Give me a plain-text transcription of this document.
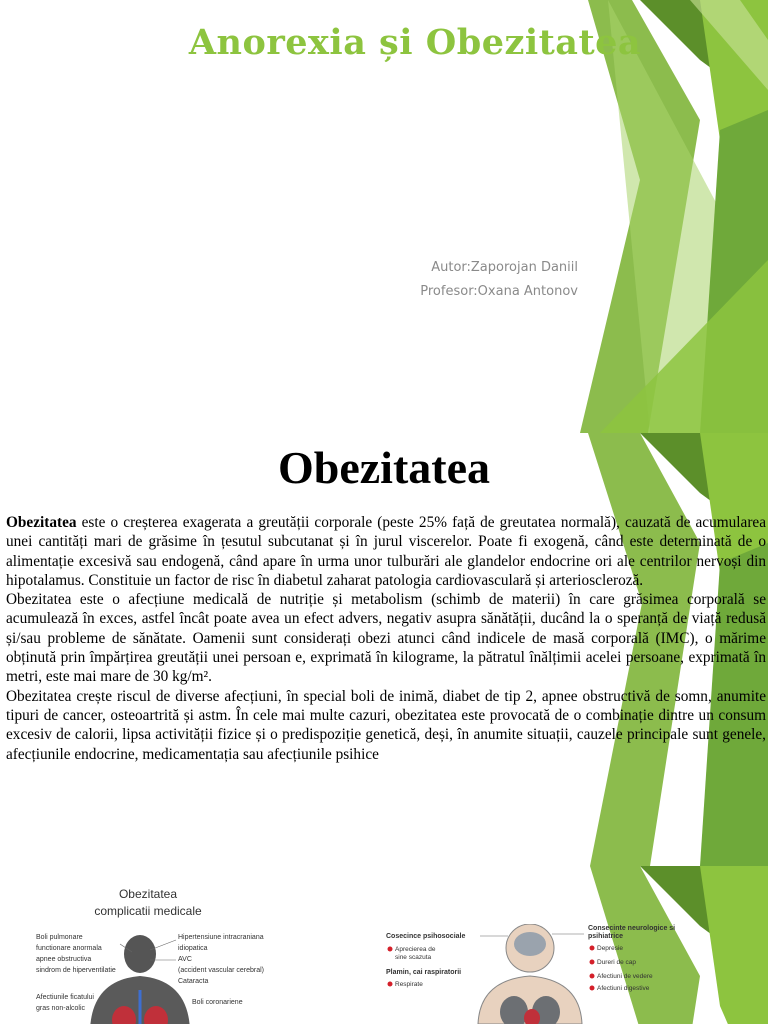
Anorexia și Obezitatea
Autor:Zaporojan Daniil
Profesor:Oxana Antonov
Obezitatea

Obezitatea este o creșterea exagerata a greutății corporale (peste 25% față de greutatea normală), cauzată de acumularea unei cantități mari de grăsime în țesutul subcutanat și în jurul viscerelor. Poate fi exogenă, când este determinată de o alimentație excesivă sau endogenă, când apare în urma unor tulburări ale glandelor endocrine ori ale centrilor nervoși din hipotalamus. Constituie un factor de risc în diabetul zaharat patologia cardiovasculară și arterioscleroză.

Obezitatea este o afecțiune medicală de nutriție și metabolism (schimb de materii) în care grăsimea corporală se acumulează în exces, astfel încât poate avea un efect advers, negativ asupra sănătății, ducând la o speranță de viață redusă și/sau probleme de sănătate. Oamenii sunt considerați obezi atunci când indicele de masă corporală (IMC), o mărime obținută prin împărțirea greutății unei persoan e, exprimată în kilograme, la pătratul înălțimii acelei persoane, exprimată în metri, este mai mare de 30 kg/m².

Obezitatea crește riscul de diverse afecțiuni, în special boli de inimă, diabet de tip 2, apnee obstructivă de somn, anumite tipuri de cancer, osteoartrită și astm. În cele mai multe cazuri, obezitatea este provocată de o combinație dintre un consum excesiv de calorii, lipsa activității fizice și o predispoziție genetică, deși, în anumite situații, cauzele principale sunt genele, afecțiunile endocrine, medicamentația sau afecțiunile psihice

Obezitatea
complicatii medicale
Boli pulmonare
functionare anormala
apnee obstructiva
sindrom de hiperventilatie
Afectiunile ficatului
gras non-alcolic
Hipertensiune intracraniana
idiopatica
AVC
(accident vascular cerebral)
Cataracta
Boli coronariene
Cosecince psihosociale
Aprecierea de
sine scazuta
Plamin, cai raspiratorii
Respirate
Consecinte neurologice si
psihiatrice
Depresie
Dureri de cap
Afectiuni de vedere
Afectiuni digestive
